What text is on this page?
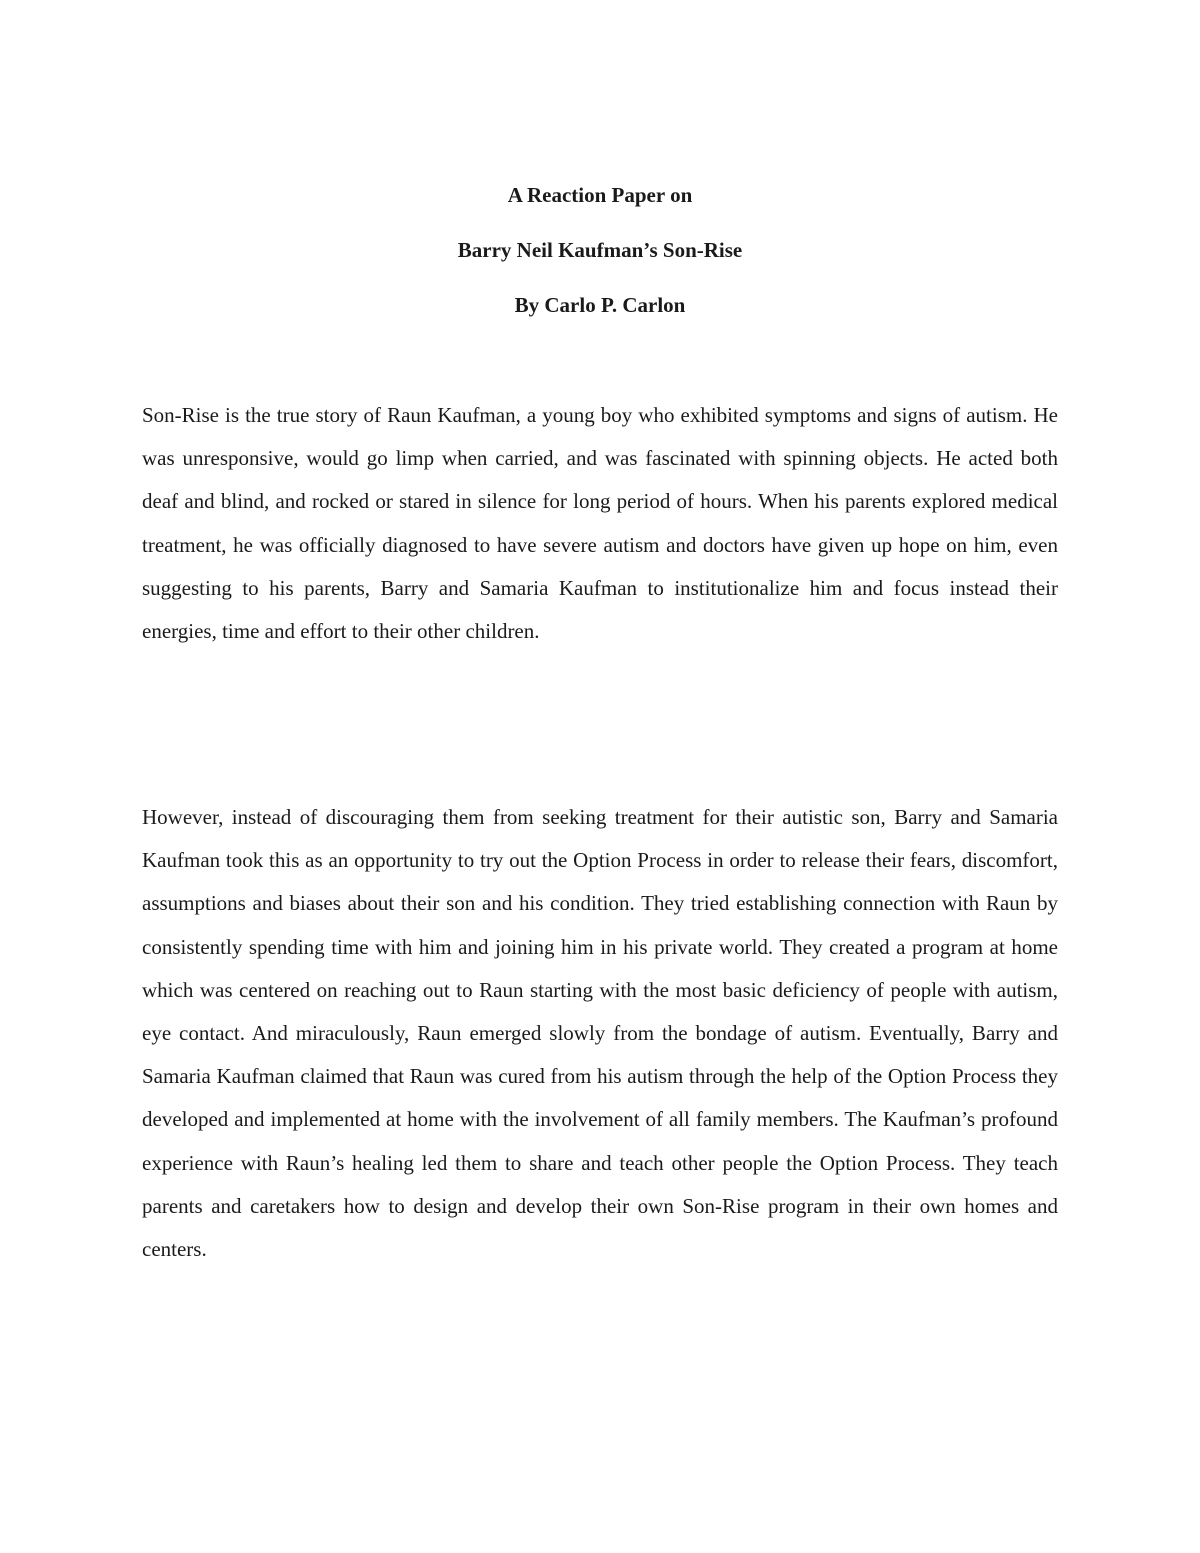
A Reaction Paper on
Barry Neil Kaufman’s Son-Rise
By Carlo P. Carlon

Son-Rise is the true story of Raun Kaufman, a young boy who exhibited symptoms and signs of autism. He was unresponsive, would go limp when carried, and was fascinated with spinning objects. He acted both deaf and blind, and rocked or stared in silence for long period of hours. When his parents explored medical treatment, he was officially diagnosed to have severe autism and doctors have given up hope on him, even suggesting to his parents, Barry and Samaria Kaufman to institutionalize him and focus instead their energies, time and effort to their other children.

However, instead of discouraging them from seeking treatment for their autistic son, Barry and Samaria Kaufman took this as an opportunity to try out the Option Process in order to release their fears, discomfort, assumptions and biases about their son and his condition. They tried establishing connection with Raun by consistently spending time with him and joining him in his private world. They created a program at home which was centered on reaching out to Raun starting with the most basic deficiency of people with autism, eye contact. And miraculously, Raun emerged slowly from the bondage of autism. Eventually, Barry and Samaria Kaufman claimed that Raun was cured from his autism through the help of the Option Process they developed and implemented at home with the involvement of all family members. The Kaufman’s profound experience with Raun’s healing led them to share and teach other people the Option Process. They teach parents and caretakers how to design and develop their own Son-Rise program in their own homes and centers.
